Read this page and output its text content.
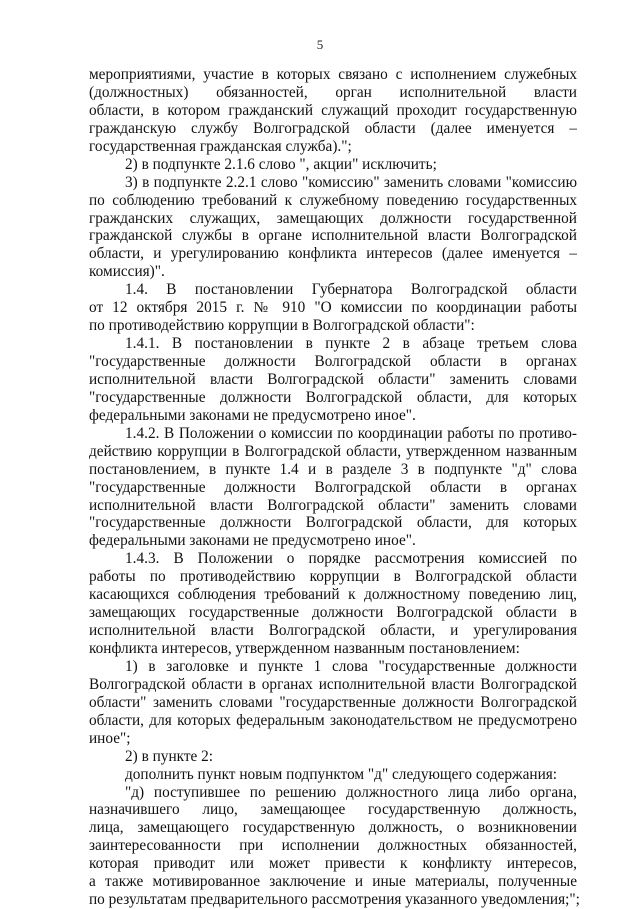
5
мероприятиями, участие в которых связано с исполнением служебных
(должностных) обязанностей, орган исполнительной власти
области, в котором гражданский служащий проходит государственную
гражданскую службу Волгоградской области (далее именуется –
государственная гражданская служба).";
2) в подпункте 2.1.6 слово ", акции" исключить;
3) в подпункте 2.2.1 слово "комиссию" заменить словами "комиссию
по соблюдению требований к служебному поведению государственных
гражданских служащих, замещающих должности государственной
гражданской службы в органе исполнительной власти Волгоградской
области, и урегулированию конфликта интересов (далее именуется –
комиссия)".
1.4. В постановлении Губернатора Волгоградской области
от 12 октября 2015 г. № 910 "О комиссии по координации работы
по противодействию коррупции в Волгоградской области":
1.4.1. В постановлении в пункте 2 в абзаце третьем слова
"государственные должности Волгоградской области в органах
исполнительной власти Волгоградской области" заменить словами
"государственные должности Волгоградской области, для которых
федеральными законами не предусмотрено иное".
1.4.2. В Положении о комиссии по координации работы по противо-
действию коррупции в Волгоградской области, утвержденном названным
постановлением, в пункте 1.4 и в разделе 3 в подпункте "д" слова
"государственные должности Волгоградской области в органах
исполнительной власти Волгоградской области" заменить словами
"государственные должности Волгоградской области, для которых
федеральными законами не предусмотрено иное".
1.4.3. В Положении о порядке рассмотрения комиссией по
работы по противодействию коррупции в Волгоградской области
касающихся соблюдения требований к должностному поведению лиц,
замещающих государственные должности Волгоградской области в
исполнительной власти Волгоградской области, и урегулирования
конфликта интересов, утвержденном названным постановлением:
1) в заголовке и пункте 1 слова "государственные должности
Волгоградской области в органах исполнительной власти Волгоградской
области" заменить словами "государственные должности Волгоградской
области, для которых федеральным законодательством не предусмотрено
иное";
2) в пункте 2:
дополнить пункт новым подпунктом "д" следующего содержания:
"д) поступившее по решению должностного лица либо органа,
назначившего лицо, замещающее государственную должность,
лица, замещающего государственную должность, о возникновении
заинтересованности при исполнении должностных обязанностей,
которая приводит или может привести к конфликту интересов,
а также мотивированное заключение и иные материалы, полученные
по результатам предварительного рассмотрения указанного уведомления;";
